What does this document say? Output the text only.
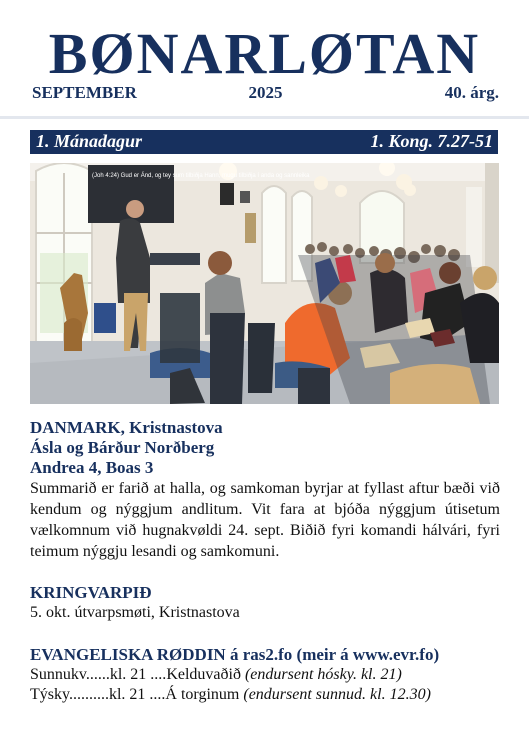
BØNARLØTAN
SEPTEMBER	2025	40. árg.
1. Mánadagur	1. Kong. 7.27-51
(Joh 4:24) Gud er Ánd, og tey sum tilbiðja Hann, mugu tilbiðja í anda og sannleika
DANMARK, Kristnastova
Ásla og Bárður Norðberg
Andrea 4, Boas 3
Summarið er farið at halla, og samkoman byrjar at fyllast aftur bæði við kendum og nýggjum andlitum. Vit fara at bjóða nýggjum útisetum vælkomnum við hugnakvøldi 24. sept. Biðið fyri komandi hálvári, fyri teimum nýggju lesandi og samkomuni.
KRINGVARPIÐ
5. okt. útvarpsmøti, Kristnastova
EVANGELISKA RØDDIN á ras2.fo (meir á www.evr.fo)
Sunnukv......kl. 21 ....Kelduvaðið (endursent hósky. kl. 21)
Týsky..........kl. 21 ....Á torginum (endursent sunnud. kl. 12.30)
